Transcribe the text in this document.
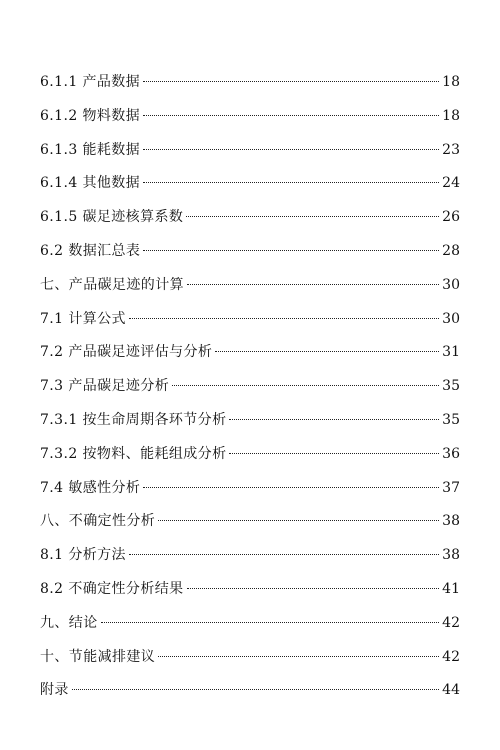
6.1.1 产品数据	18
6.1.2 物料数据	18
6.1.3 能耗数据	23
6.1.4 其他数据	24
6.1.5 碳足迹核算系数	26
6.2 数据汇总表	28
七、产品碳足迹的计算	30
7.1 计算公式	30
7.2 产品碳足迹评估与分析	31
7.3 产品碳足迹分析	35
7.3.1 按生命周期各环节分析	35
7.3.2 按物料、能耗组成分析	36
7.4 敏感性分析	37
八、不确定性分析	38
8.1 分析方法	38
8.2 不确定性分析结果	41
九、结论	42
十、节能减排建议	42
附录	44
